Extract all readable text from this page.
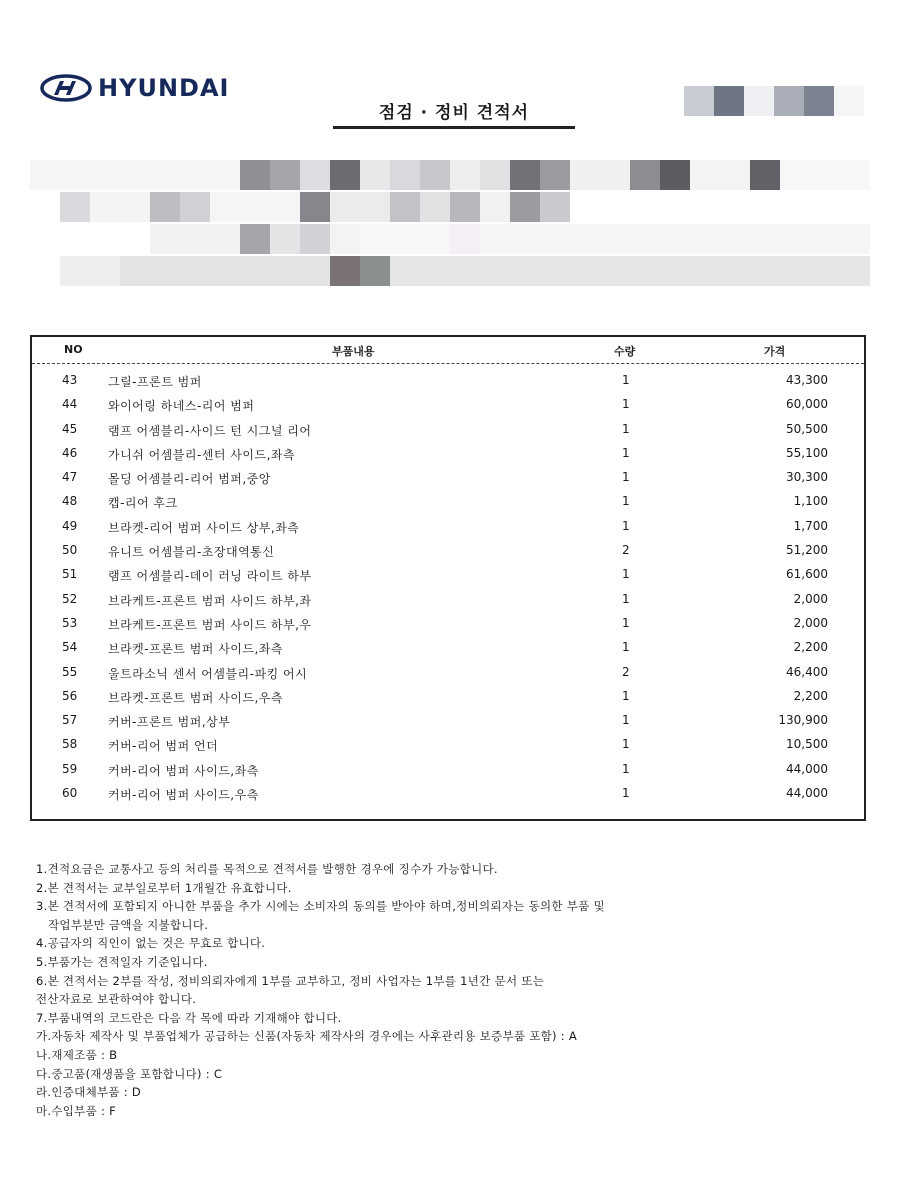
HYUNDAI
점검 · 정비 견적서
NO	부품내용	수량	가격
43	그릴-프론트 범퍼	1	43,300
44	와이어링 하네스-리어 범퍼	1	60,000
45	램프 어셈블리-사이드 턴 시그널 리어	1	50,500
46	가니쉬 어셈블리-센터 사이드,좌측	1	55,100
47	몰딩 어셈블리-리어 범퍼,중앙	1	30,300
48	캡-리어 후크	1	1,100
49	브라켓-리어 범퍼 사이드 상부,좌측	1	1,700
50	유니트 어셈블리-초장대역통신	2	51,200
51	램프 어셈블리-데이 러닝 라이트 하부	1	61,600
52	브라케트-프론트 범퍼 사이드 하부,좌	1	2,000
53	브라케트-프론트 범퍼 사이드 하부,우	1	2,000
54	브라켓-프론트 범퍼 사이드,좌측	1	2,200
55	울트라소닉 센서 어셈블리-파킹 어시	2	46,400
56	브라켓-프론트 범퍼 사이드,우측	1	2,200
57	커버-프론트 범퍼,상부	1	130,900
58	커버-리어 범퍼 언더	1	10,500
59	커버-리어 범퍼 사이드,좌측	1	44,000
60	커버-리어 범퍼 사이드,우측	1	44,000
1.견적요금은 교통사고 등의 처리를 목적으로 견적서를 발행한 경우에 징수가 가능합니다.
2.본 견적서는 교부일로부터 1개월간 유효합니다.
3.본 견적서에 포함되지 아니한 부품을 추가 시에는 소비자의 동의를 받아야 하며,정비의뢰자는 동의한 부품 및
작업부분만 금액을 지불합니다.
4.공급자의 직인이 없는 것은 무효로 합니다.
5.부품가는 견적일자 기준입니다.
6.본 견적서는 2부를 작성, 정비의뢰자에게 1부를 교부하고, 정비 사업자는 1부를 1년간 문서 또는
전산자료로 보관하여야 합니다.
7.부품내역의 코드란은 다음 각 목에 따라 기재해야 합니다.
가.자동차 제작사 및 부품업체가 공급하는 신품(자동차 제작사의 경우에는 사후관리용 보증부품 포함) : A
나.재제조품 : B
다.중고품(재생품을 포함합니다) : C
라.인증대체부품 : D
마.수입부품 : F
